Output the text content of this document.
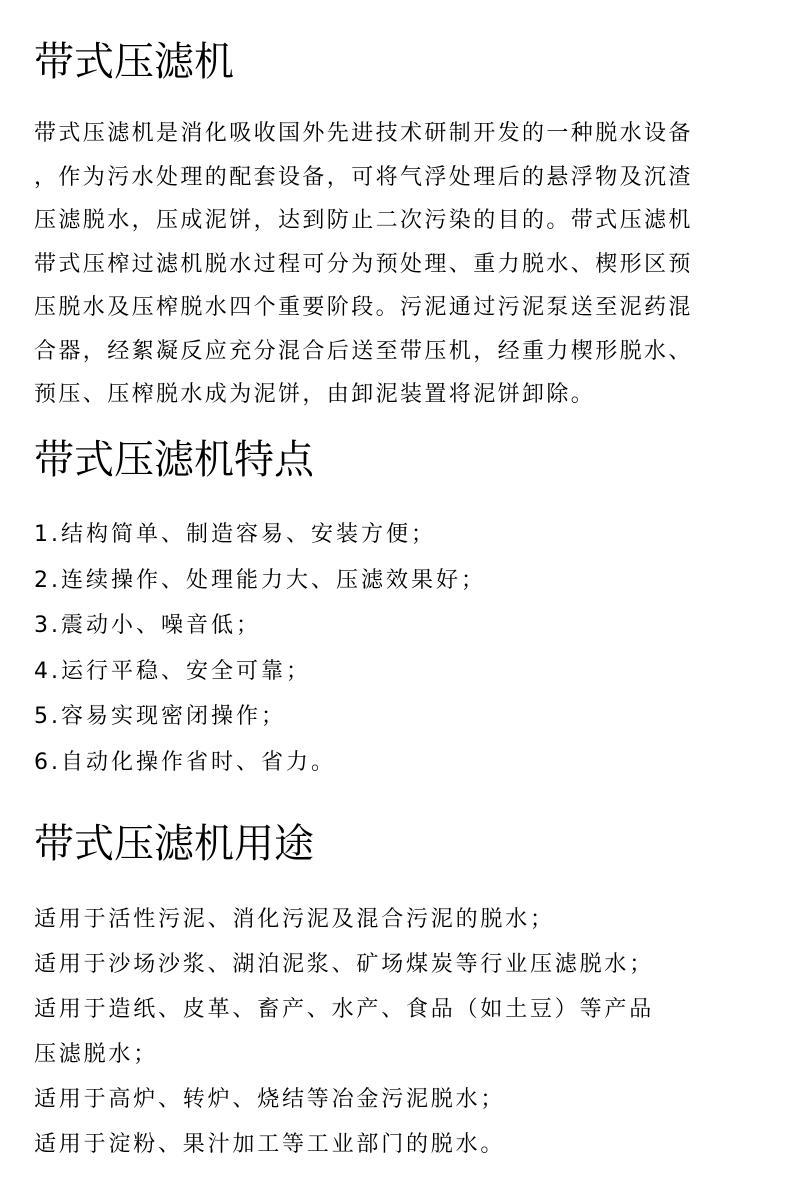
带式压滤机
带式压滤机是消化吸收国外先进技术研制开发的一种脱水设备
，作为污水处理的配套设备，可将气浮处理后的悬浮物及沉渣
压滤脱水，压成泥饼，达到防止二次污染的目的。带式压滤机
带式压榨过滤机脱水过程可分为预处理、重力脱水、楔形区预
压脱水及压榨脱水四个重要阶段。污泥通过污泥泵送至泥药混
合器，经絮凝反应充分混合后送至带压机，经重力楔形脱水、
预压、压榨脱水成为泥饼，由卸泥装置将泥饼卸除。
带式压滤机特点
1.结构简单、制造容易、安装方便；
2.连续操作、处理能力大、压滤效果好；
3.震动小、噪音低；
4.运行平稳、安全可靠；
5.容易实现密闭操作；
6.自动化操作省时、省力。
带式压滤机用途
适用于活性污泥、消化污泥及混合污泥的脱水；
适用于沙场沙浆、湖泊泥浆、矿场煤炭等行业压滤脱水；
适用于造纸、皮革、畜产、水产、食品（如土豆）等产品
压滤脱水；
适用于高炉、转炉、烧结等冶金污泥脱水；
适用于淀粉、果汁加工等工业部门的脱水。
